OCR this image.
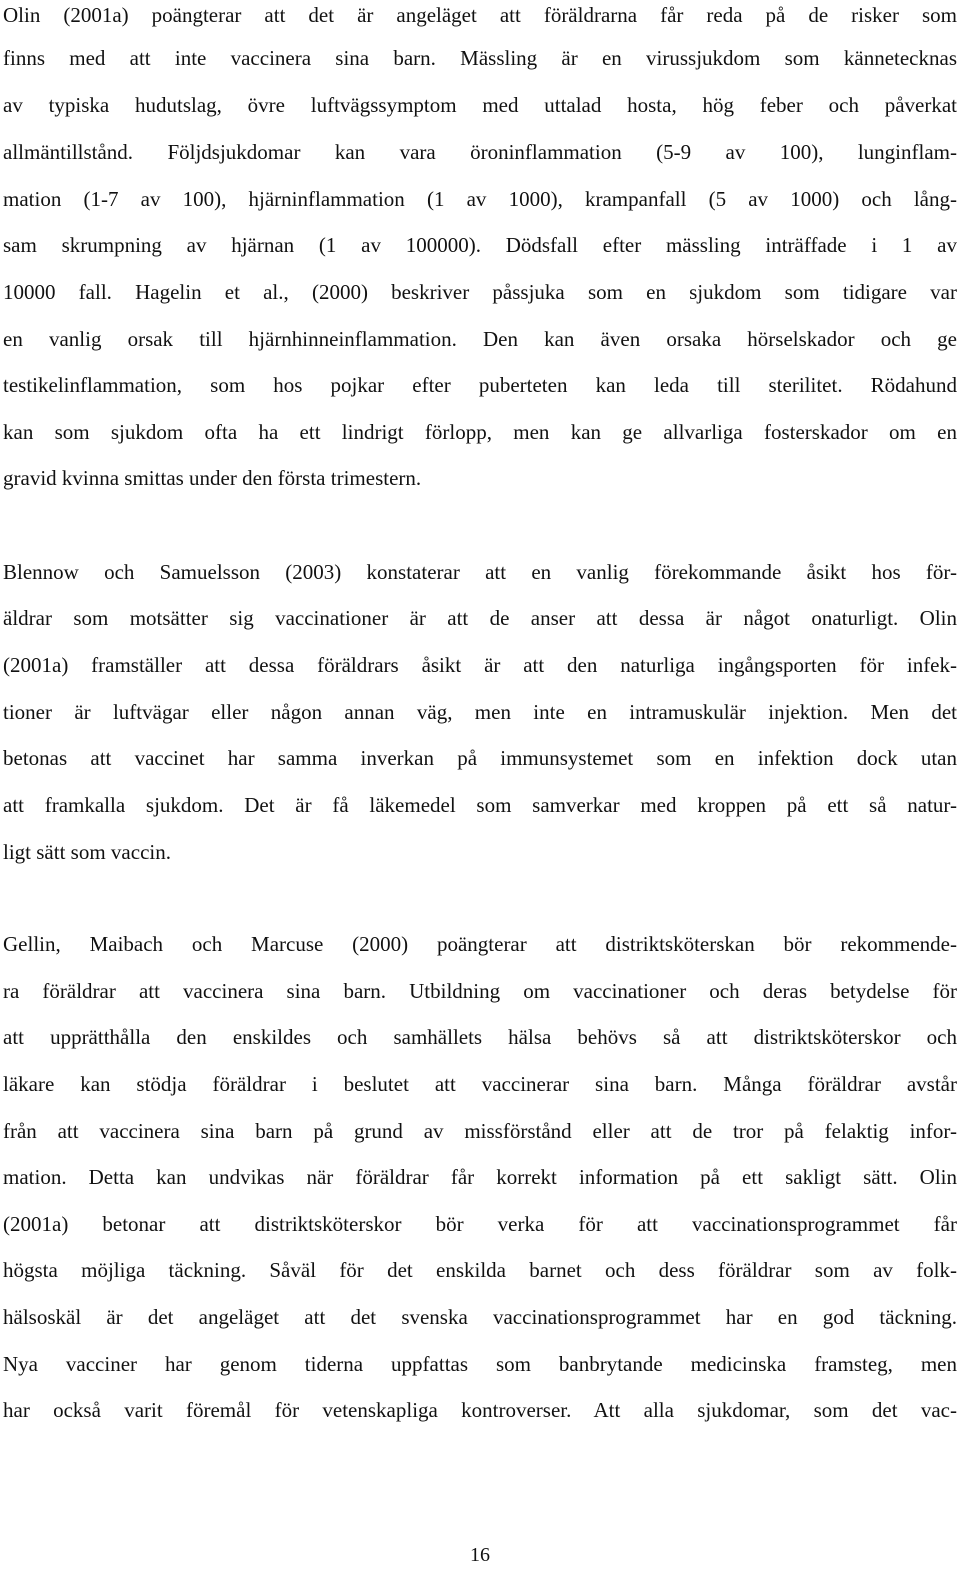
Olin (2001a) poängterar att det är angeläget att föräldrarna får reda på de risker som

finns med att inte vaccinera sina barn. Mässling är en virussjukdom som kännetecknas

av typiska hudutslag, övre luftvägssymptom med uttalad hosta, hög feber och påverkat

allmäntillstånd. Följdsjukdomar kan vara öroninflammation (5-9 av 100), lunginflam-

mation (1-7 av 100), hjärninflammation (1 av 1000), krampanfall (5 av 1000) och lång-

sam skrumpning av hjärnan (1 av 100000). Dödsfall efter mässling inträffade i 1 av

10000 fall. Hagelin et al., (2000) beskriver påssjuka som en sjukdom som tidigare var

en vanlig orsak till hjärnhinneinflammation. Den kan även orsaka hörselskador och ge

testikelinflammation, som hos pojkar efter puberteten kan leda till sterilitet. Rödahund

kan som sjukdom ofta ha ett lindrigt förlopp, men kan ge allvarliga fosterskador om en

gravid kvinna smittas under den första trimestern.

Blennow och Samuelsson (2003) konstaterar att en vanlig förekommande åsikt hos för-

äldrar som motsätter sig vaccinationer är att de anser att dessa är något onaturligt. Olin

(2001a) framställer att dessa föräldrars åsikt är att den naturliga ingångsporten för infek-

tioner är luftvägar eller någon annan väg, men inte en intramuskulär injektion. Men det

betonas att vaccinet har samma inverkan på immunsystemet som en infektion dock utan

att framkalla sjukdom. Det är få läkemedel som samverkar med kroppen på ett så natur-

ligt sätt som vaccin.

Gellin, Maibach och Marcuse (2000) poängterar att distriktsköterskan bör rekommende-

ra föräldrar att vaccinera sina barn. Utbildning om vaccinationer och deras betydelse för

att upprätthålla den enskildes och samhällets hälsa behövs så att distriktsköterskor och

läkare kan stödja föräldrar i beslutet att vaccinerar sina barn. Många föräldrar avstår

från att vaccinera sina barn på grund av missförstånd eller att de tror på felaktig infor-

mation. Detta kan undvikas när föräldrar får korrekt information på ett sakligt sätt. Olin

(2001a) betonar att distriktsköterskor bör verka för att vaccinationsprogrammet får

högsta möjliga täckning. Såväl för det enskilda barnet och dess föräldrar som av folk-

hälsoskäl är det angeläget att det svenska vaccinationsprogrammet har en god täckning.

Nya vacciner har genom tiderna uppfattas som banbrytande medicinska framsteg, men

har också varit föremål för vetenskapliga kontroverser. Att alla sjukdomar, som det vac-

16
